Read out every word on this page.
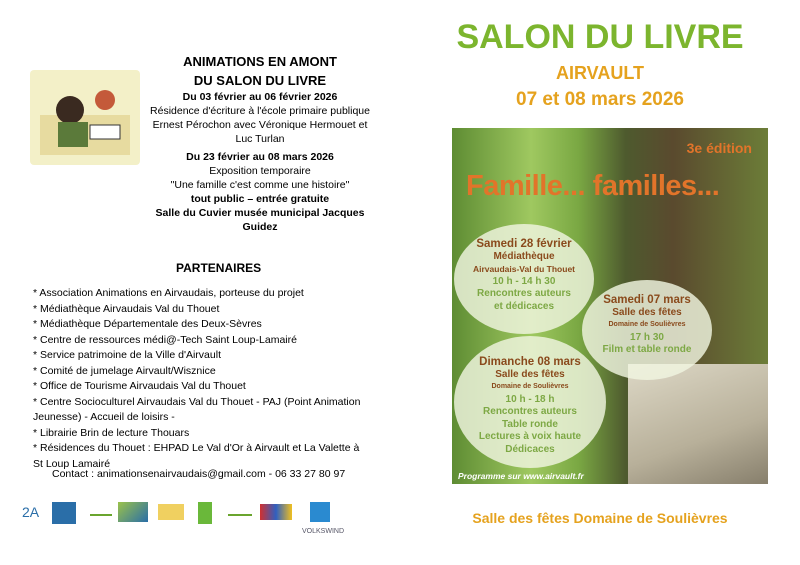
ANIMATIONS EN AMONT
DU SALON DU LIVRE
Du 03 février au 06 février 2026
Résidence d'écriture à l'école primaire publique Ernest Pérochon avec Véronique Hermouet et Luc Turlan
Du 23 février au 08 mars 2026
Exposition temporaire
"Une famille c'est comme une histoire"
tout public – entrée gratuite
Salle du Cuvier musée municipal Jacques Guidez
PARTENAIRES
* Association Animations en Airvaudais, porteuse du projet
* Médiathèque Airvaudais Val du Thouet
* Médiathèque Départementale des Deux-Sèvres
* Centre de ressources médi@-Tech Saint Loup-Lamairé
* Service patrimoine de la Ville d'Airvault
* Comité de jumelage Airvault/Wisznice
* Office de Tourisme Airvaudais Val du Thouet
* Centre Socioculturel Airvaudais Val du Thouet - PAJ (Point Animation Jeunesse) - Accueil de loisirs -
* Librairie Brin de lecture Thouars
* Résidences du Thouet : EHPAD Le Val d'Or à Airvault et La Valette à St Loup Lamairé
Contact : animationsenairvaudais@gmail.com - 06 33 27 80 97
2A
VOLKSWIND
SALON DU LIVRE
AIRVAULT
07 et 08 mars 2026
3e édition
Famille... familles...
Samedi 28 février
Médiathèque
Airvaudais-Val du Thouet
10 h - 14 h 30
Rencontres auteurs
et dédicaces	Samedi 07 mars
Salle des fêtes
Domaine de Soulièvres
17 h 30
Film et table ronde
Dimanche 08 mars
Salle des fêtes
Domaine de Soulièvres
10 h - 18 h
Rencontres auteurs
Table ronde
Lectures à voix haute
Dédicaces
Programme sur www.airvault.fr
Salle des fêtes Domaine de Soulièvres
